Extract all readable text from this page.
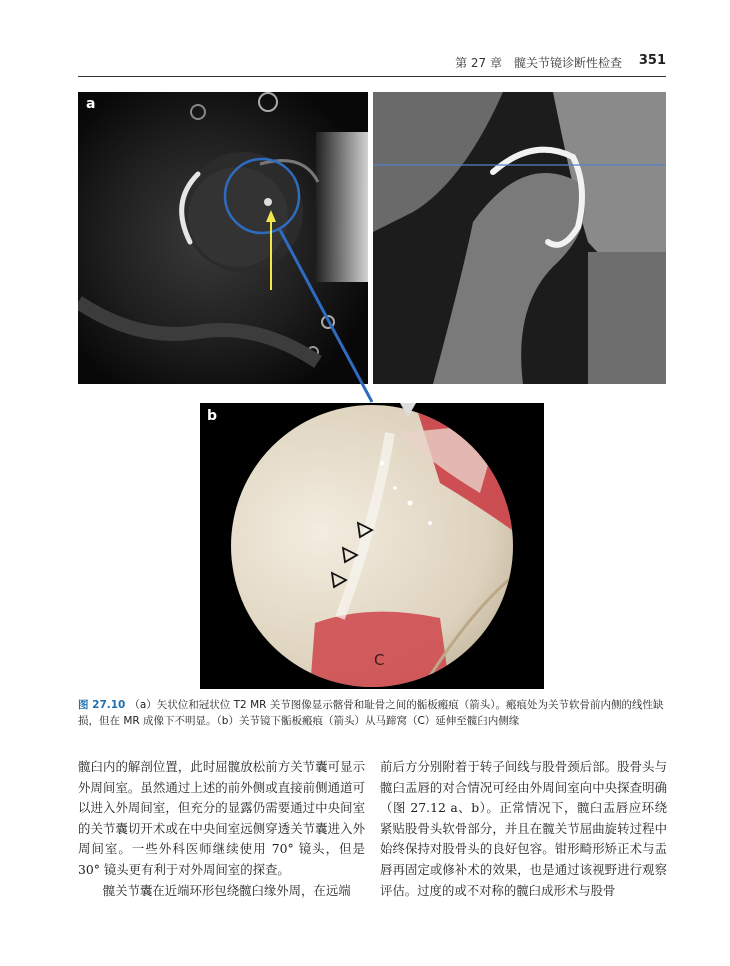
第 27 章　髋关节镜诊断性检查 351
a
b
C
图 27.10 （a）矢状位和冠状位 T2 MR 关节图像显示髂骨和耻骨之间的骺板瘢痕（箭头）。瘢痕处为关节软骨前内侧的线性缺损，但在 MR 成像下不明显。（b）关节镜下骺板瘢痕（箭头）从马蹄窝（C）延伸至髋臼内侧缘

髋臼内的解剖位置，此时屈髋放松前方关节囊可显示外周间室。虽然通过上述的前外侧或直接前侧通道可以进入外周间室，但充分的显露仍需要通过中央间室的关节囊切开术或在中央间室远侧穿透关节囊进入外周间室。一些外科医师继续使用 70° 镜头，但是 30° 镜头更有利于对外周间室的探查。

髋关节囊在近端环形包绕髋臼缘外周，在远端

前后方分别附着于转子间线与股骨颈后部。股骨头与髋臼盂唇的对合情况可经由外周间室向中央探查明确（图 27.12 a、b）。正常情况下，髋臼盂唇应环绕紧贴股骨头软骨部分，并且在髋关节屈曲旋转过程中始终保持对股骨头的良好包容。钳形畸形矫正术与盂唇再固定或修补术的效果，也是通过该视野进行观察评估。过度的或不对称的髋臼成形术与股骨
